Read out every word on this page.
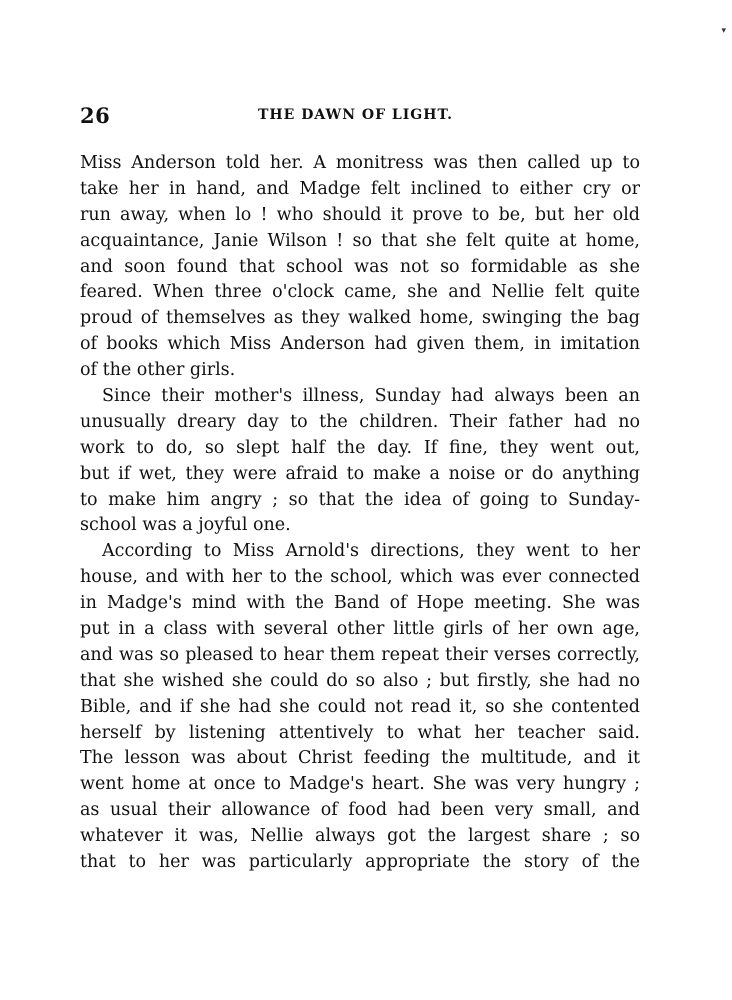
▾
26	THE DAWN OF LIGHT.
Miss Anderson told her. A monitress was then called up to
take her in hand, and Madge felt inclined to either cry or
run away, when lo ! who should it prove to be, but her old
acquaintance, Janie Wilson ! so that she felt quite at home,
and soon found that school was not so formidable as she
feared. When three o'clock came, she and Nellie felt quite
proud of themselves as they walked home, swinging the bag
of books which Miss Anderson had given them, in imitation
of the other girls.
Since their mother's illness, Sunday had always been an
unusually dreary day to the children. Their father had no
work to do, so slept half the day. If fine, they went out,
but if wet, they were afraid to make a noise or do anything
to make him angry ; so that the idea of going to Sunday-
school was a joyful one.
According to Miss Arnold's directions, they went to her
house, and with her to the school, which was ever connected
in Madge's mind with the Band of Hope meeting. She was
put in a class with several other little girls of her own age,
and was so pleased to hear them repeat their verses correctly,
that she wished she could do so also ; but firstly, she had no
Bible, and if she had she could not read it, so she contented
herself by listening attentively to what her teacher said.
The lesson was about Christ feeding the multitude, and it
went home at once to Madge's heart. She was very hungry ;
as usual their allowance of food had been very small, and
whatever it was, Nellie always got the largest share ; so
that to her was particularly appropriate the story of the
